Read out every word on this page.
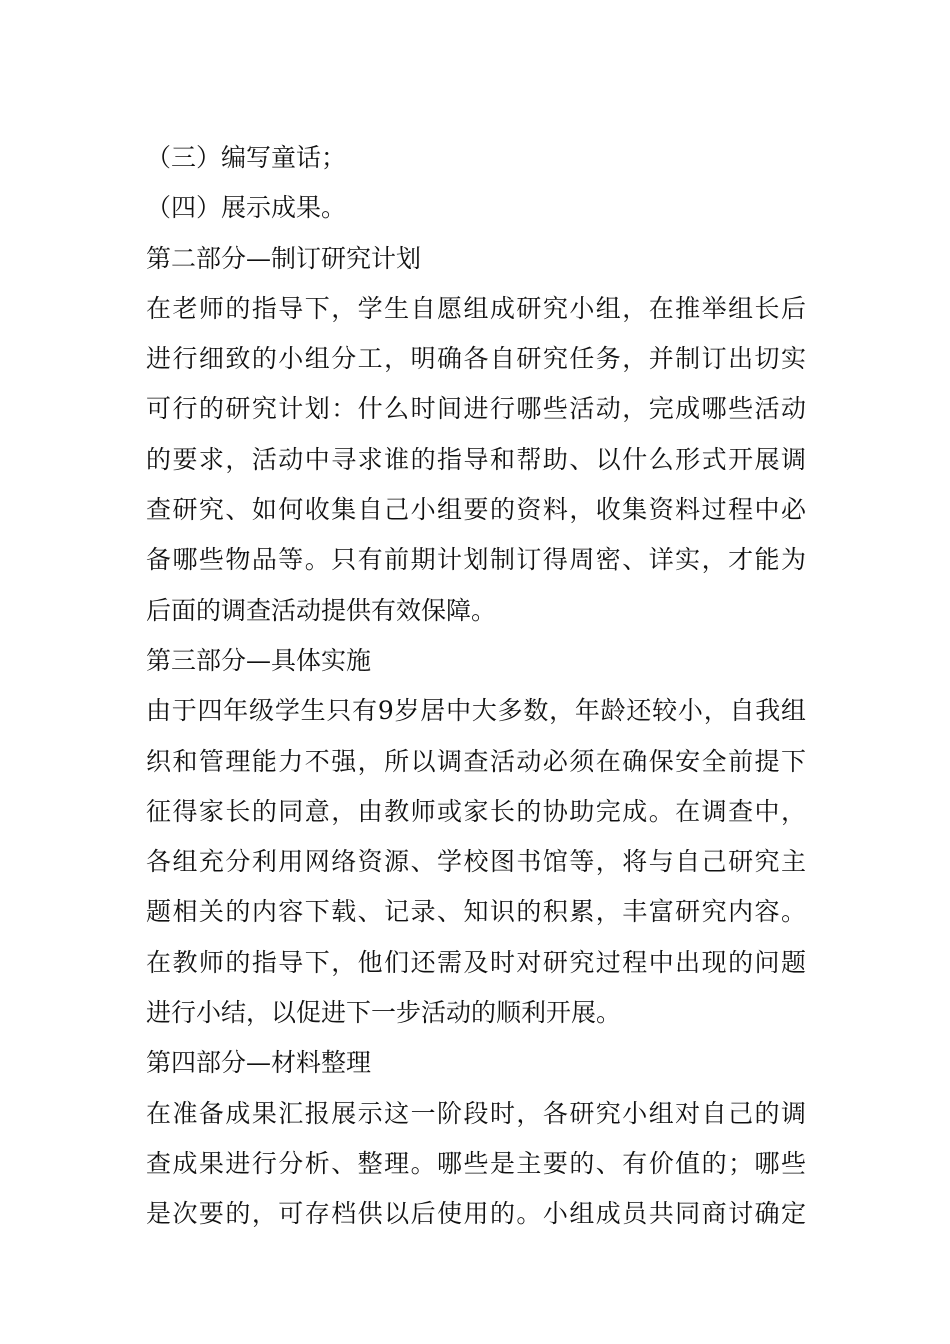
（三）编写童话；
（四）展示成果。
第二部分—制订研究计划
在老师的指导下，学生自愿组成研究小组，在推举组长后
进行细致的小组分工，明确各自研究任务，并制订出切实
可行的研究计划：什么时间进行哪些活动，完成哪些活动
的要求，活动中寻求谁的指导和帮助、以什么形式开展调
查研究、如何收集自己小组要的资料，收集资料过程中必
备哪些物品等。只有前期计划制订得周密、详实，才能为
后面的调查活动提供有效保障。
第三部分—具体实施
由于四年级学生只有9岁居中大多数，年龄还较小，自我组
织和管理能力不强，所以调查活动必须在确保安全前提下
征得家长的同意，由教师或家长的协助完成。在调查中，
各组充分利用网络资源、学校图书馆等，将与自己研究主
题相关的内容下载、记录、知识的积累，丰富研究内容。
在教师的指导下，他们还需及时对研究过程中出现的问题
进行小结，以促进下一步活动的顺利开展。
第四部分—材料整理
在准备成果汇报展示这一阶段时，各研究小组对自己的调
查成果进行分析、整理。哪些是主要的、有价值的；哪些
是次要的，可存档供以后使用的。小组成员共同商讨确定
